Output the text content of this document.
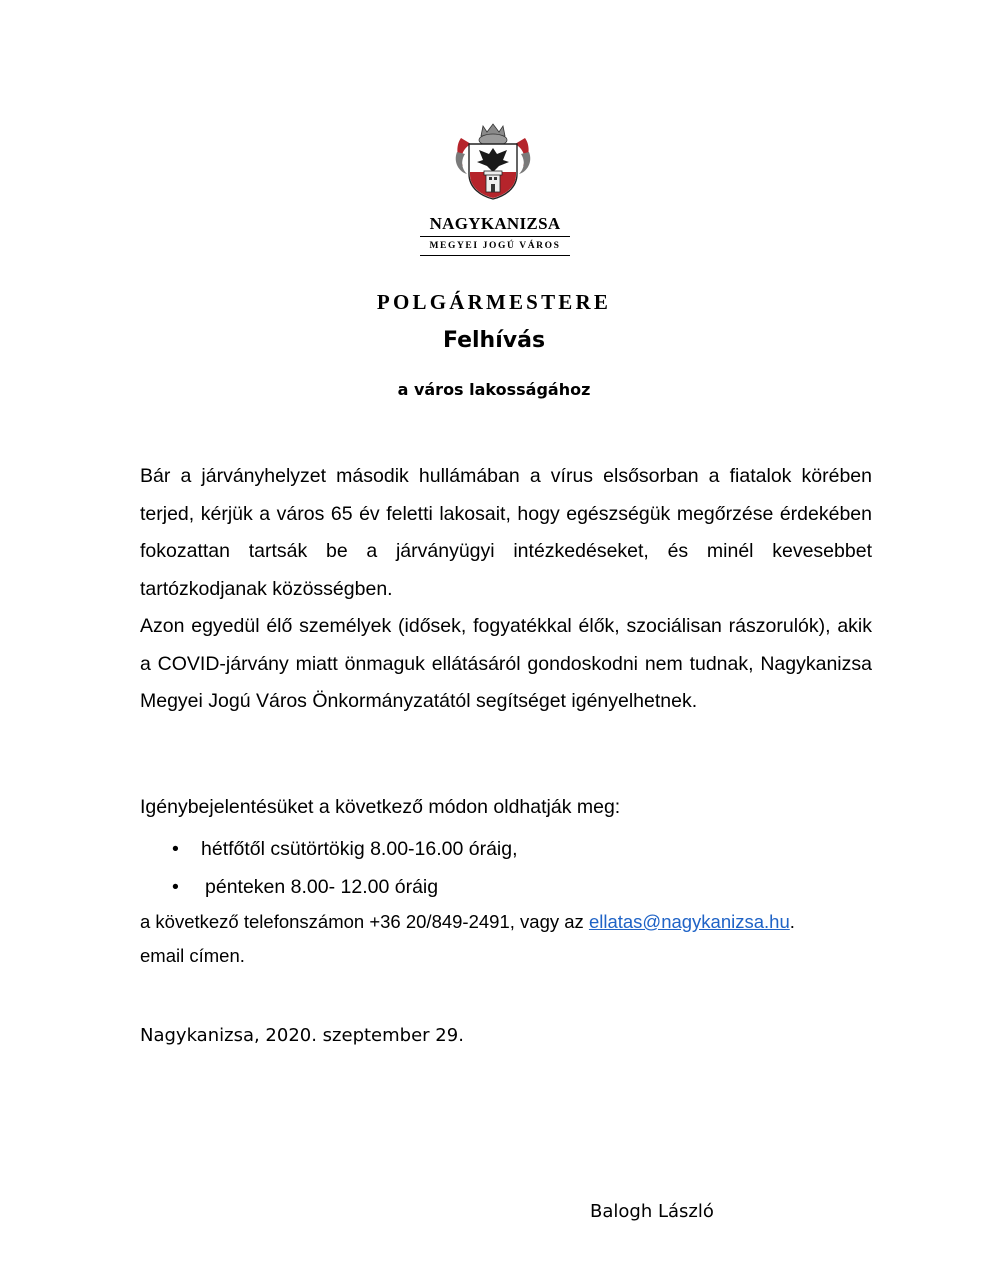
NAGYKANIZSA
MEGYEI JOGÚ VÁROS
POLGÁRMESTERE
Felhívás
a város lakosságához

Bár a járványhelyzet második hullámában a vírus elsősorban a fiatalok körében terjed, kérjük a város 65 év feletti lakosait, hogy egészségük megőrzése érdekében fokozattan tartsák be a járványügyi intézkedéseket, és minél kevesebbet tartózkodjanak közösségben.

Azon egyedül élő személyek (idősek, fogyatékkal élők, szociálisan rászorulók), akik a COVID-járvány miatt önmaguk ellátásáról gondoskodni nem tudnak, Nagykanizsa Megyei Jogú Város Önkormányzatától segítséget igényelhetnek.

Igénybejelentésüket a következő módon oldhatják meg:

• hétfőtől csütörtökig 8.00-16.00 óráig,
• pénteken 8.00- 12.00 óráig

a következő telefonszámon +36 20/849-2491, vagy az ellatas@nagykanizsa.hu.

email címen.

Nagykanizsa, 2020. szeptember 29.

Balogh László
